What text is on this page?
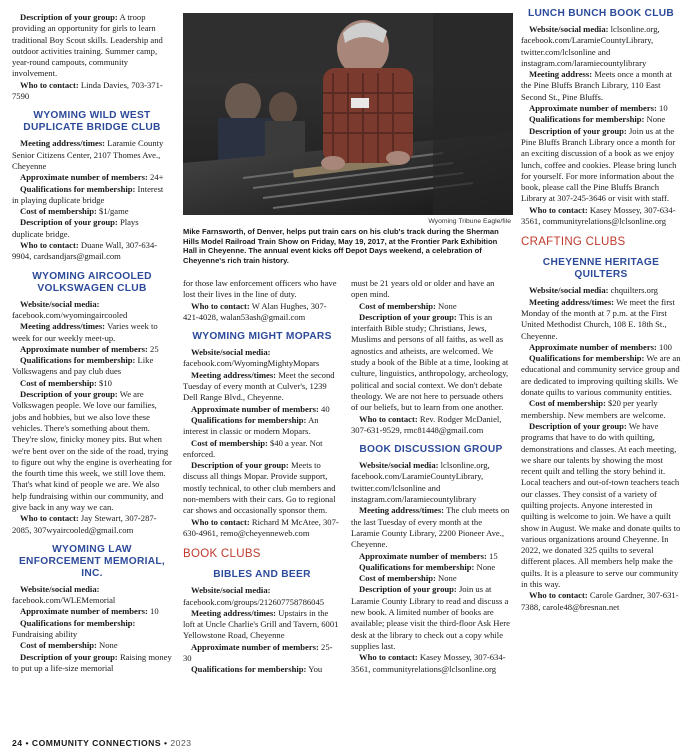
Wyoming Tribune Eagle/file
Mike Farnsworth, of Denver, helps put train cars on his club's track during the Sherman Hills Model Railroad Train Show on Friday, May 19, 2017, at the Frontier Park Exhibition Hall in Cheyenne. The annual event kicks off Depot Days weekend, a celebration of Cheyenne's rich train history.

Description of your group: A troop providing an opportunity for girls to learn traditional Boy Scout skills. Leadership and outdoor activities training. Summer camp, year-round campouts, community involvement.

Who to contact: Linda Davies, 703-371-7590

WYOMING WILD WEST DUPLICATE BRIDGE CLUB

Meeting address/times: Laramie County Senior Citizens Center, 2107 Thomes Ave., Cheyenne

Approximate number of members: 24+

Qualifications for membership: Interest in playing duplicate bridge

Cost of membership: $1/game

Description of your group: Plays duplicate bridge.

Who to contact: Duane Wall, 307-634-9904, cardsandjars@gmail.com

WYOMING AIRCOOLED VOLKSWAGEN CLUB

Website/social media: facebook.com/wyomingaircooled

Meeting address/times: Varies week to week for our weekly meet-up.

Approximate number of members: 25

Qualifications for membership: Like Volkswagens and pay club dues

Cost of membership: $10

Description of your group: We are Volkswagen people. We love our families, jobs and hobbies, but we also love these vehicles. There's something about them. They're slow, finicky money pits. But when we're bent over on the side of the road, trying to figure out why the engine is overheating for the fourth time this week, we still love them. That's what kind of people we are. We also help fundraising within our community, and give back in any way we can.

Who to contact: Jay Stewart, 307-287-2085, 307wyaircooled@gmail.com

WYOMING LAW ENFORCEMENT MEMORIAL, INC.

Website/social media: facebook.com/WLEMemorial

Approximate number of members: 10

Qualifications for membership: Fundraising ability

Cost of membership: None

Description of your group: Raising money to put up a life-size memorial

for those law enforcement officers who have lost their lives in the line of duty.

Who to contact: W Alan Hughes, 307-421-4028, walan53ash@gmail.com

WYOMING MIGHT MOPARS

Website/social media: facebook.com/WyomingMightyMopars

Meeting address/times: Meet the second Tuesday of every month at Culver's, 1239 Dell Range Blvd., Cheyenne.

Approximate number of members: 40

Qualifications for membership: An interest in classic or modern Mopars.

Cost of membership: $40 a year. Not enforced.

Description of your group: Meets to discuss all things Mopar. Provide support, mostly technical, to other club members and non-members with their cars. Go to regional car shows and occasionally sponsor them.

Who to contact: Richard M McAtee, 307-630-4961, remo@cheyenneweb.com

BOOK CLUBS
BIBLES AND BEER

Website/social media: facebook.com/groups/212607758786045

Meeting address/times: Upstairs in the loft at Uncle Charlie's Grill and Tavern, 6001 Yellowstone Road, Cheyenne

Approximate number of members: 25-30

Qualifications for membership: You

must be 21 years old or older and have an open mind.

Cost of membership: None

Description of your group: This is an interfaith Bible study; Christians, Jews, Muslims and persons of all faiths, as well as agnostics and atheists, are welcomed. We study a book of the Bible at a time, looking at culture, linguistics, anthropology, archeology, political and social context. We don't debate theology. We are not here to persuade others of our beliefs, but to learn from one another.

Who to contact: Rev. Rodger McDaniel, 307-631-9529, rmc81448@gmail.com

BOOK DISCUSSION GROUP

Website/social media: lclsonline.org, facebook.com/LaramieCountyLibrary, twitter.com/lclsonline and instagram.com/laramiecountylibrary

Meeting address/times: The club meets on the last Tuesday of every month at the Laramie County Library, 2200 Pioneer Ave., Cheyenne.

Approximate number of members: 15

Qualifications for membership: None

Cost of membership: None

Description of your group: Join us at Laramie County Library to read and discuss a new book. A limited number of books are available; please visit the third-floor Ask Here desk at the library to check out a copy while supplies last.

Who to contact: Kasey Mossey, 307-634-3561, communityrelations@lclsonline.org

LUNCH BUNCH BOOK CLUB

Website/social media: lclsonline.org, facebook.com/LaramieCountyLibrary, twitter.com/lclsonline and instagram.com/laramiecountylibrary

Meeting address: Meets once a month at the Pine Bluffs Branch Library, 110 East Second St., Pine Bluffs.

Approximate number of members: 10

Qualifications for membership: None

Description of your group: Join us at the Pine Bluffs Branch Library once a month for an exciting discussion of a book as we enjoy lunch, coffee and cookies. Please bring lunch for yourself. For more information about the book, please call the Pine Bluffs Branch Library at 307-245-3646 or visit with staff.

Who to contact: Kasey Mossey, 307-634-3561, communityrelations@lclsonline.org

CRAFTING CLUBS
CHEYENNE HERITAGE QUILTERS

Website/social media: chquilters.org

Meeting address/times: We meet the first Monday of the month at 7 p.m. at the First United Methodist Church, 108 E. 18th St., Cheyenne.

Approximate number of members: 100

Qualifications for membership: We are an educational and community service group and are dedicated to improving quilting skills. We donate quilts to various community entities.

Cost of membership: $20 per yearly membership. New members are welcome.

Description of your group: We have programs that have to do with quilting, demonstrations and classes. At each meeting, we share our talents by showing the most recent quilt and telling the story behind it. Local teachers and out-of-town teachers teach our classes. They consist of a variety of quilting projects. Anyone interested in quilting is welcome to join. We have a quilt show in August. We make and donate quilts to various organizations around Cheyenne. In 2022, we donated 325 quilts to several different places. All members help make the quilts. It is a pleasure to serve our community in this way.

Who to contact: Carole Gardner, 307-631-7388, carole48@bresnan.net

24 • COMMUNITY CONNECTIONS • 2023
